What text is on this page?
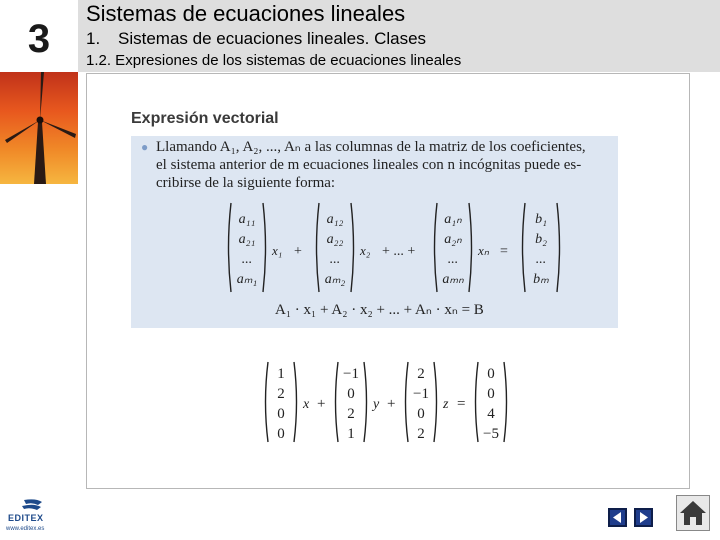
3
Sistemas de ecuaciones lineales
1. Sistemas de ecuaciones lineales. Clases
1.2. Expresiones de los sistemas de ecuaciones lineales
Expresión vectorial
● Llamando A₁, A₂, ..., Aₙ a las columnas de la matriz de los coeficientes,
el sistema anterior de m ecuaciones lineales con n incógnitas puede es-
cribirse de la siguiente forma:
a₁₁
a₂₁
...
aₘ₁
x₁ +
a₁₂
a₂₂
...
aₘ₂
x₂ + ... +
a₁ₙ
a₂ₙ
...
aₘₙ
xₙ =
b₁
b₂
...
bₘ
1
2
0
0
x +
−1
0
2
1
y +
2
−1
0
2
z =
0
0
4
−5
A₁ · x₁ + A₂ · x₂ + ... + Aₙ · xₙ = B
EDITEX
www.editex.es
